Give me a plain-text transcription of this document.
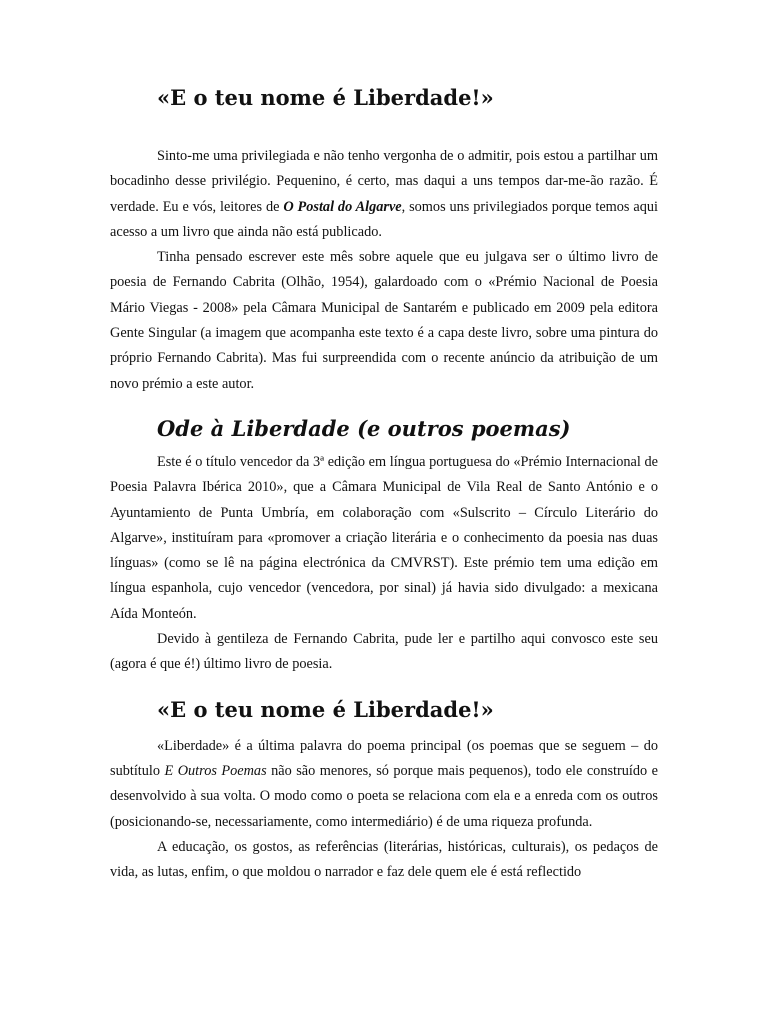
«E o teu nome é Liberdade!»

Sinto-me uma privilegiada e não tenho vergonha de o admitir, pois estou a partilhar um bocadinho desse privilégio. Pequenino, é certo, mas daqui a uns tempos dar-me-ão razão. É verdade. Eu e vós, leitores de O Postal do Algarve, somos uns privilegiados porque temos aqui acesso a um livro que ainda não está publicado.

Tinha pensado escrever este mês sobre aquele que eu julgava ser o último livro de poesia de Fernando Cabrita (Olhão, 1954), galardoado com o «Prémio Nacional de Poesia Mário Viegas - 2008» pela Câmara Municipal de Santarém e publicado em 2009 pela editora Gente Singular (a imagem que acompanha este texto é a capa deste livro, sobre uma pintura do próprio Fernando Cabrita). Mas fui surpreendida com o recente anúncio da atribuição de um novo prémio a este autor.

Ode à Liberdade (e outros poemas)

Este é o título vencedor da 3ª edição em língua portuguesa do «Prémio Internacional de Poesia Palavra Ibérica 2010», que a Câmara Municipal de Vila Real de Santo António e o Ayuntamiento de Punta Umbría, em colaboração com «Sulscrito – Círculo Literário do Algarve», instituíram para «promover a criação literária e o conhecimento da poesia nas duas línguas» (como se lê na página electrónica da CMVRST). Este prémio tem uma edição em língua espanhola, cujo vencedor (vencedora, por sinal) já havia sido divulgado: a mexicana Aída Monteón.

Devido à gentileza de Fernando Cabrita, pude ler e partilho aqui convosco este seu (agora é que é!) último livro de poesia.

«E o teu nome é Liberdade!»

«Liberdade» é a última palavra do poema principal (os poemas que se seguem – do subtítulo E Outros Poemas não são menores, só porque mais pequenos), todo ele construído e desenvolvido à sua volta. O modo como o poeta se relaciona com ela e a enreda com os outros (posicionando-se, necessariamente, como intermediário) é de uma riqueza profunda.

A educação, os gostos, as referências (literárias, históricas, culturais), os pedaços de vida, as lutas, enfim, o que moldou o narrador e faz dele quem ele é está reflectido
